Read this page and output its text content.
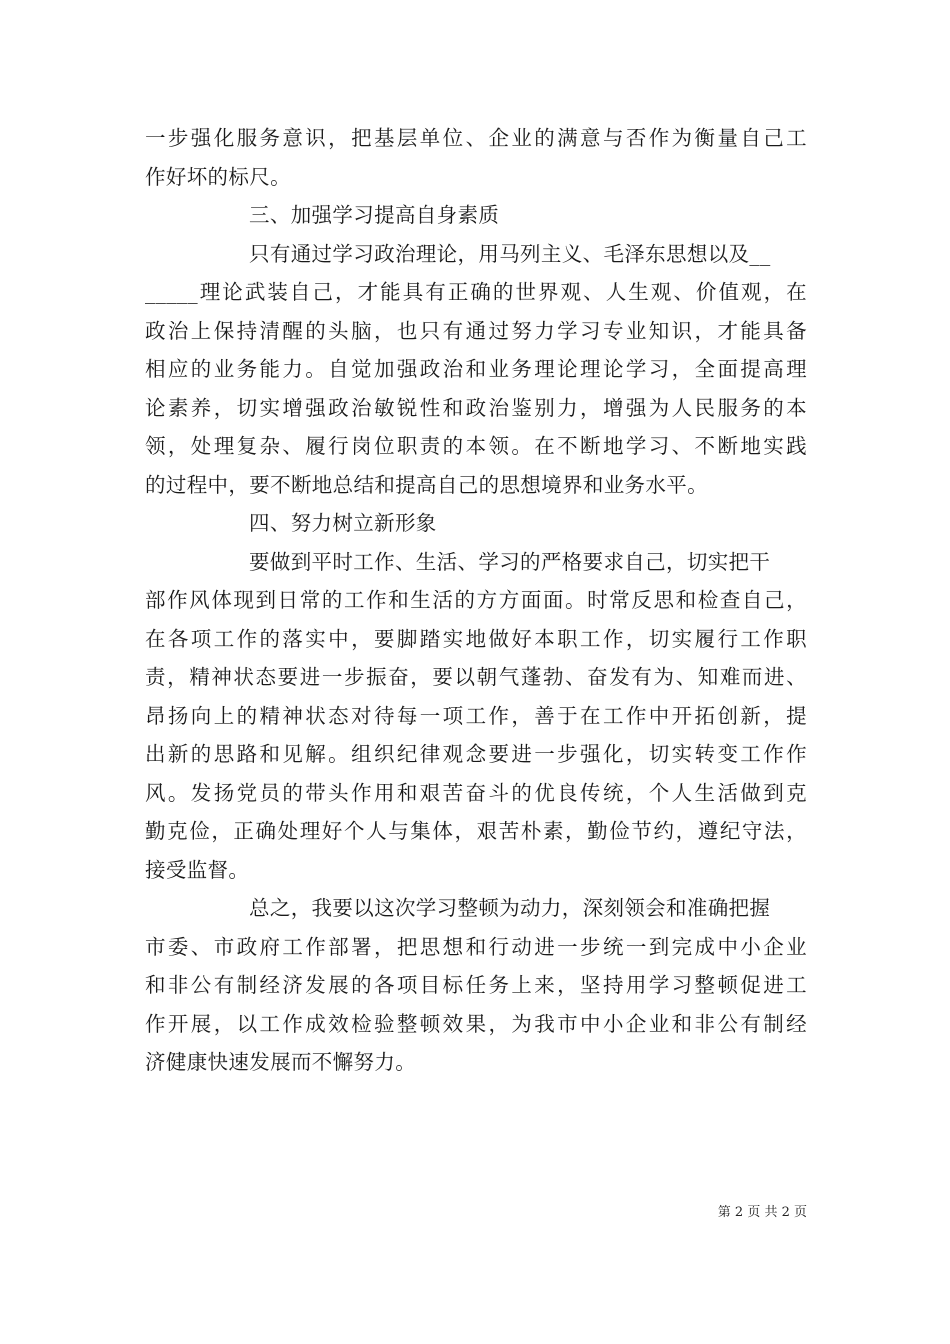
一步强化服务意识，把基层单位、企业的满意与否作为衡量自己工
作好坏的标尺。
三、加强学习提高自身素质
只有通过学习政治理论，用马列主义、毛泽东思想以及__
_____理论武装自己，才能具有正确的世界观、人生观、价值观，在
政治上保持清醒的头脑，也只有通过努力学习专业知识，才能具备
相应的业务能力。自觉加强政治和业务理论理论学习，全面提高理
论素养，切实增强政治敏锐性和政治鉴别力，增强为人民服务的本
领，处理复杂、履行岗位职责的本领。在不断地学习、不断地实践
的过程中，要不断地总结和提高自己的思想境界和业务水平。
四、努力树立新形象
要做到平时工作、生活、学习的严格要求自己，切实把干
部作风体现到日常的工作和生活的方方面面。时常反思和检查自己，
在各项工作的落实中，要脚踏实地做好本职工作，切实履行工作职
责，精神状态要进一步振奋，要以朝气蓬勃、奋发有为、知难而进、
昂扬向上的精神状态对待每一项工作，善于在工作中开拓创新，提
出新的思路和见解。组织纪律观念要进一步强化，切实转变工作作
风。发扬党员的带头作用和艰苦奋斗的优良传统，个人生活做到克
勤克俭，正确处理好个人与集体，艰苦朴素，勤俭节约，遵纪守法，
接受监督。
总之，我要以这次学习整顿为动力，深刻领会和准确把握
市委、市政府工作部署，把思想和行动进一步统一到完成中小企业
和非公有制经济发展的各项目标任务上来，坚持用学习整顿促进工
作开展，以工作成效检验整顿效果，为我市中小企业和非公有制经
济健康快速发展而不懈努力。
第 2 页 共 2 页
